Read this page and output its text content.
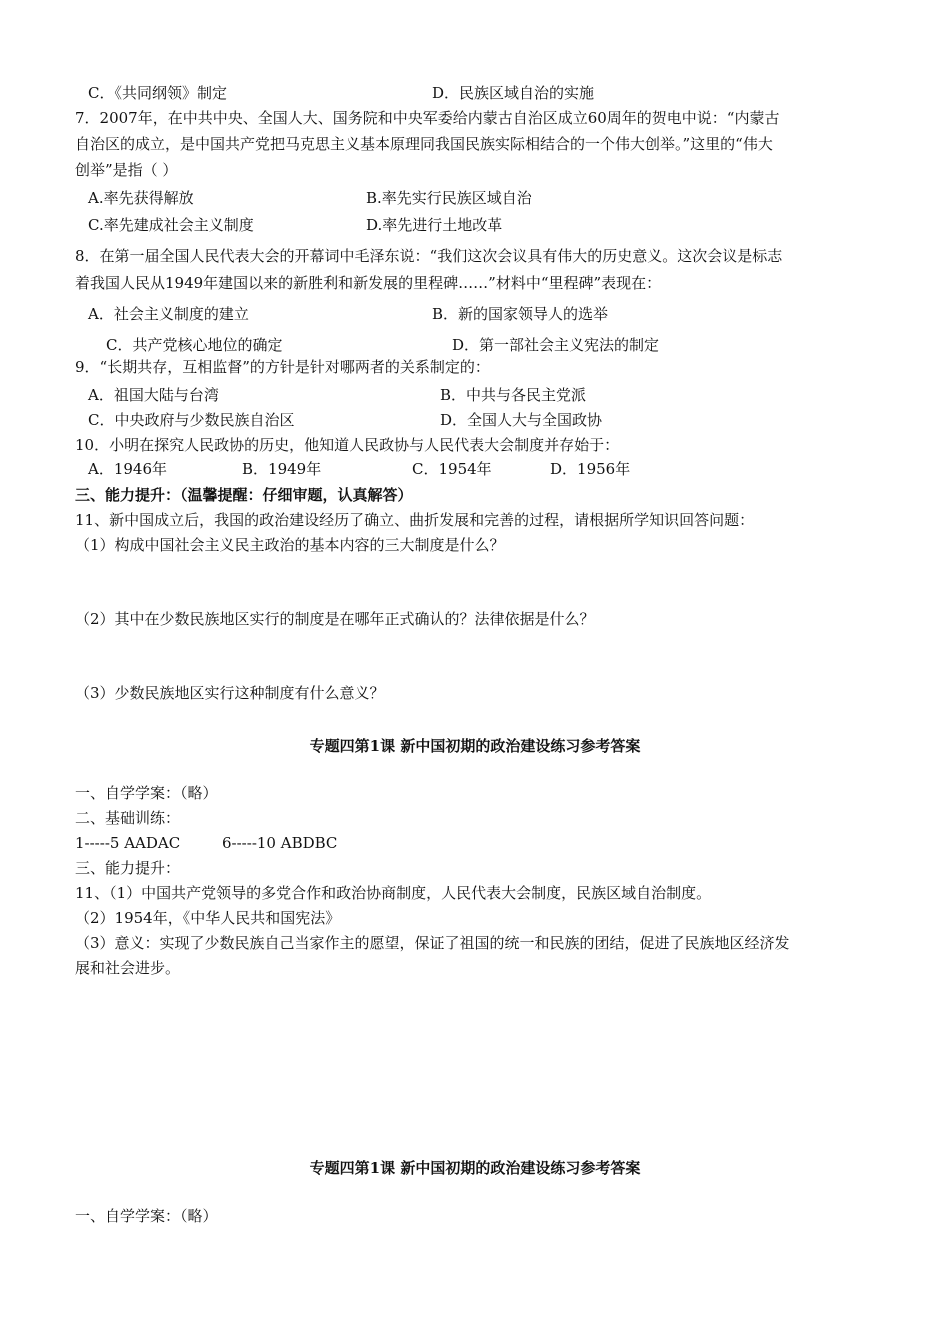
C．《共同纲领》制定	D．民族区域自治的实施
7．2007年，在中共中央、全国人大、国务院和中央军委给内蒙古自治区成立60周年的贺电中说：“内蒙古
自治区的成立，是中国共产党把马克思主义基本原理同我国民族实际相结合的一个伟大创举。”这里的“伟大
创举”是指（ ）
A.率先获得解放	B.率先实行民族区域自治
C.率先建成社会主义制度	D.率先进行土地改革
8．在第一届全国人民代表大会的开幕词中毛泽东说：“我们这次会议具有伟大的历史意义。这次会议是标志
着我国人民从1949年建国以来的新胜利和新发展的里程碑……”材料中“里程碑”表现在：
A．社会主义制度的建立	B．新的国家领导人的选举
C．共产党核心地位的确定	D．第一部社会主义宪法的制定
9．“长期共存，互相监督”的方针是针对哪两者的关系制定的：
A．祖国大陆与台湾	B．中共与各民主党派
C．中央政府与少数民族自治区	D．全国人大与全国政协
10．小明在探究人民政协的历史，他知道人民政协与人民代表大会制度并存始于：
A．1946年	B．1949年	C．1954年	D．1956年
三、能力提升：（温馨提醒：仔细审题，认真解答）
11、新中国成立后，我国的政治建设经历了确立、曲折发展和完善的过程，请根据所学知识回答问题：
（1）构成中国社会主义民主政治的基本内容的三大制度是什么？
（2）其中在少数民族地区实行的制度是在哪年正式确认的？法律依据是什么？
（3）少数民族地区实行这种制度有什么意义？
专题四第1课 新中国初期的政治建设练习参考答案
一、自学学案：（略）
二、基础训练：
1-----5 AADAC	6-----10 ABDBC
三、能力提升：
11、（1）中国共产党领导的多党合作和政治协商制度，人民代表大会制度，民族区域自治制度。
（2）1954年，《中华人民共和国宪法》
（3）意义：实现了少数民族自己当家作主的愿望，保证了祖国的统一和民族的团结，促进了民族地区经济发
展和社会进步。
专题四第1课 新中国初期的政治建设练习参考答案
一、自学学案：（略）
